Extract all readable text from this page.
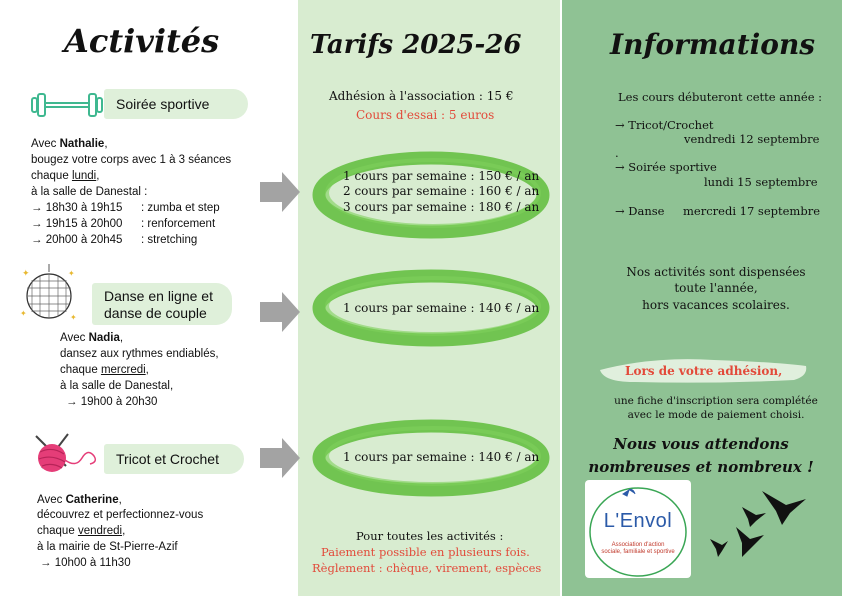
Activités
Soirée sportive
Avec Nathalie,
bougez votre corps avec 1 à 3 séances
chaque lundi,
à la salle de Danestal :
→ 18h30 à 19h15 : zumba et step
→ 19h15 à 20h00 : renforcement
→ 20h00 à 20h45 : stretching
✦	✦
✦	✦
Danse en ligne et
danse de couple
Avec Nadia,
dansez aux rythmes endiablés,
chaque mercredi,
à la salle de Danestal,
→ 19h00 à 20h30
Tricot et Crochet
Avec Catherine,
découvrez et perfectionnez-vous
chaque vendredi,
à la mairie de St-Pierre-Azif
→ 10h00 à 11h30
Tarifs 2025-26
Adhésion à l'association : 15 €
Cours d'essai : 5 euros
1 cours par semaine : 150 € / an
2 cours par semaine : 160 € / an
3 cours par semaine : 180 € / an
1 cours par semaine : 140 € / an
1 cours par semaine : 140 € / an
Pour toutes les activités :
Paiement possible en plusieurs fois.
Règlement : chèque, virement, espèces
Informations
Les cours débuteront cette année :
→ Tricot/Crochet
vendredi 12 septembre
.
→ Soirée sportive
lundi 15 septembre
→ Danse mercredi 17 septembre
Nos activités sont dispensées
toute l'année,
hors vacances scolaires.
Lors de votre adhésion,
une fiche d'inscription sera complétée
avec le mode de paiement choisi.
Nous vous attendons
nombreuses et nombreux !
L'Envol
Association d'action
sociale, familiale et sportive
